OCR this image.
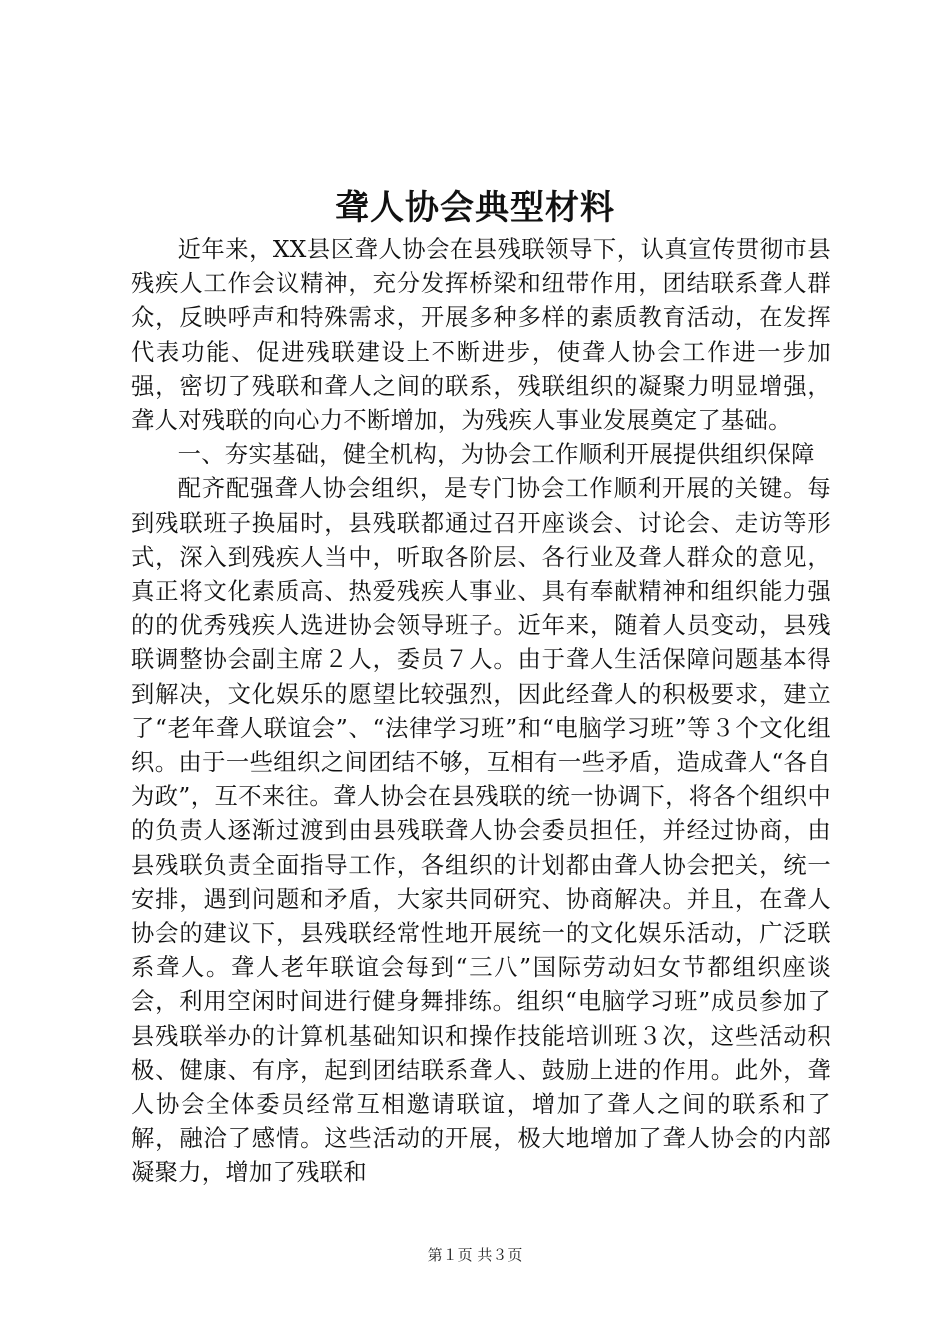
聋人协会典型材料

近年来，XX县区聋人协会在县残联领导下，认真宣传贯彻市县残疾人工作会议精神，充分发挥桥梁和纽带作用，团结联系聋人群众，反映呼声和特殊需求，开展多种多样的素质教育活动，在发挥代表功能、促进残联建设上不断进步，使聋人协会工作进一步加强，密切了残联和聋人之间的联系，残联组织的凝聚力明显增强，聋人对残联的向心力不断增加，为残疾人事业发展奠定了基础。

一、夯实基础，健全机构，为协会工作顺利开展提供组织保障

配齐配强聋人协会组织，是专门协会工作顺利开展的关键。每到残联班子换届时，县残联都通过召开座谈会、讨论会、走访等形式，深入到残疾人当中，听取各阶层、各行业及聋人群众的意见，真正将文化素质高、热爱残疾人事业、具有奉献精神和组织能力强的的优秀残疾人选进协会领导班子。近年来，随着人员变动，县残联调整协会副主席２人，委员７人。由于聋人生活保障问题基本得到解决，文化娱乐的愿望比较强烈，因此经聋人的积极要求，建立了“老年聋人联谊会”、“法律学习班”和“电脑学习班”等３个文化组织。由于一些组织之间团结不够，互相有一些矛盾，造成聋人“各自为政”，互不来往。聋人协会在县残联的统一协调下，将各个组织中的负责人逐渐过渡到由县残联聋人协会委员担任，并经过协商，由县残联负责全面指导工作，各组织的计划都由聋人协会把关，统一安排，遇到问题和矛盾，大家共同研究、协商解决。并且，在聋人协会的建议下，县残联经常性地开展统一的文化娱乐活动，广泛联系聋人。聋人老年联谊会每到“三八”国际劳动妇女节都组织座谈会，利用空闲时间进行健身舞排练。组织“电脑学习班”成员参加了县残联举办的计算机基础知识和操作技能培训班３次，这些活动积极、健康、有序，起到团结联系聋人、鼓励上进的作用。此外，聋人协会全体委员经常互相邀请联谊，增加了聋人之间的联系和了解，融洽了感情。这些活动的开展，极大地增加了聋人协会的内部凝聚力，增加了残联和

第１页 共３页
